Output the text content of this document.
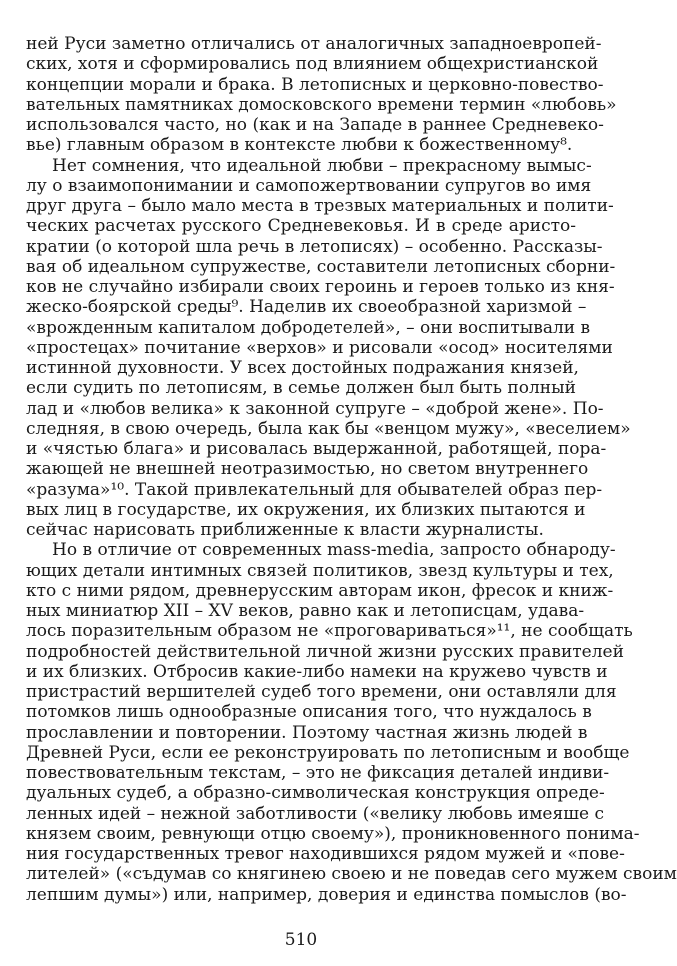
ней Руси заметно отличались от аналогичных западноевропей-
ских, хотя и сформировались под влиянием общехристианской
концепции морали и брака. В летописных и церковно-повество-
вательных памятниках домосковского времени термин «любовь»
использовался часто, но (как и на Западе в раннее Средневеко-
вье) главным образом в контексте любви к божественному⁸.
Нет сомнения, что идеальной любви – прекрасному вымыс-
лу о взаимопонимании и самопожертвовании супругов во имя
друг друга – было мало места в трезвых материальных и полити-
ческих расчетах русского Средневековья. И в среде аристо-
кратии (о которой шла речь в летописях) – особенно. Рассказы-
вая об идеальном супружестве, составители летописных сборни-
ков не случайно избирали своих героинь и героев только из кня-
жеско-боярской среды⁹. Наделив их своеобразной харизмой –
«врожденным капиталом добродетелей», – они воспитывали в
«простецах» почитание «верхов» и рисовали «осод» носителями
истинной духовности. У всех достойных подражания князей,
если судить по летописям, в семье должен был быть полный
лад и «любов велика» к законной супруге – «доброй жене». По-
следняя, в свою очередь, была как бы «венцом мужу», «веселием»
и «чястью блага» и рисовалась выдержанной, работящей, пора-
жающей не внешней неотразимостью, но светом внутреннего
«разума»¹⁰. Такой привлекательный для обывателей образ пер-
вых лиц в государстве, их окружения, их близких пытаются и
сейчас нарисовать приближенные к власти журналисты.
Но в отличие от современных mass-media, запросто обнароду-
ющих детали интимных связей политиков, звезд культуры и тех,
кто с ними рядом, древнерусским авторам икон, фресок и книж-
ных миниатюр XII – XV веков, равно как и летописцам, удава-
лось поразительным образом не «проговариваться»¹¹, не сообщать
подробностей действительной личной жизни русских правителей
и их близких. Отбросив какие-либо намеки на кружево чувств и
пристрастий вершителей судеб того времени, они оставляли для
потомков лишь однообразные описания того, что нуждалось в
прославлении и повторении. Поэтому частная жизнь людей в
Древней Руси, если ее реконструировать по летописным и вообще
повествовательным текстам, – это не фиксация деталей индиви-
дуальных судеб, а образно-символическая конструкция опреде-
ленных идей – нежной заботливости («велику любовь имеяше с
князем своим, ревнующи отцю своему»), проникновенного понима-
ния государственных тревог находившихся рядом мужей и «пове-
лителей» («съдумав со княгинею своею и не поведав сего мужем своим
лепшим думы») или, например, доверия и единства помыслов (во-
510
